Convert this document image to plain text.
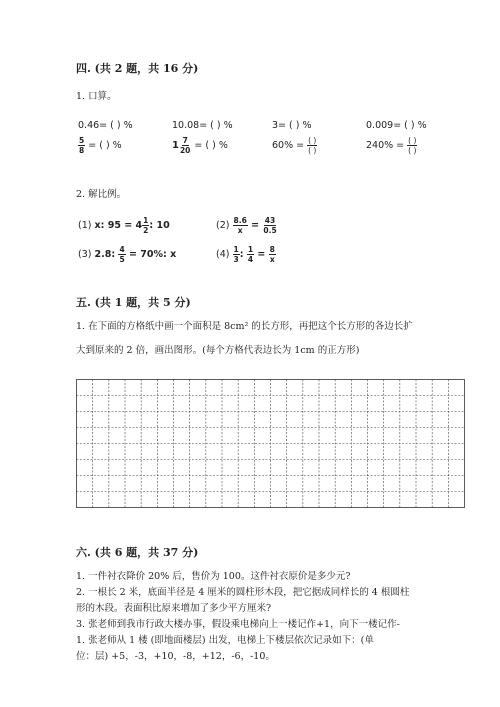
四. (共 2 题，共 16 分)
1. 口算。
0.46= ( ) %	10.08= ( ) %	3= ( ) %	0.009= ( ) %
$\frac{5}{8}$ = ( ) %	$1 \frac{7}{20}$ = ( ) %	$60\% = \frac{( )}{( )}$	$240\% = \frac{( )}{( )}$
2. 解比例。
(1) x: $95 = 4 \frac{1}{2}$ : 10	$(2) \frac{8.6}{x} = \frac{43}{0.5}$
(3) 2.8: $\frac{4}{5} = 70\%$: x	$(4) \frac{1}{3}$ : $\frac{1}{4} = \frac{8}{x}$
五. (共 1 题，共 5 分)
1. 在下面的方格纸中画一个面积是 8cm² 的长方形，再把这个长方形的各边长扩
大到原来的 2 倍，画出图形。(每个方格代表边长为 1cm 的正方形)
六. (共 6 题，共 37 分)
1. 一件衬衣降价 20% 后，售价为 100。这件衬衣原价是多少元?
2. 一根长 2 米，底面半径是 4 厘米的圆柱形木段，把它据成同样长的 4 根圆柱
形的木段。表面积比原来增加了多少平方厘米?
3. 张老师到我市行政大楼办事，假设乘电梯向上一楼记作+1，向下一楼记作-
1. 张老师从 1 楼 (即地面楼层) 出发，电梯上下楼层依次记录如下：(单
位：层) +5，-3，+10，-8，+12，-6，-10。
